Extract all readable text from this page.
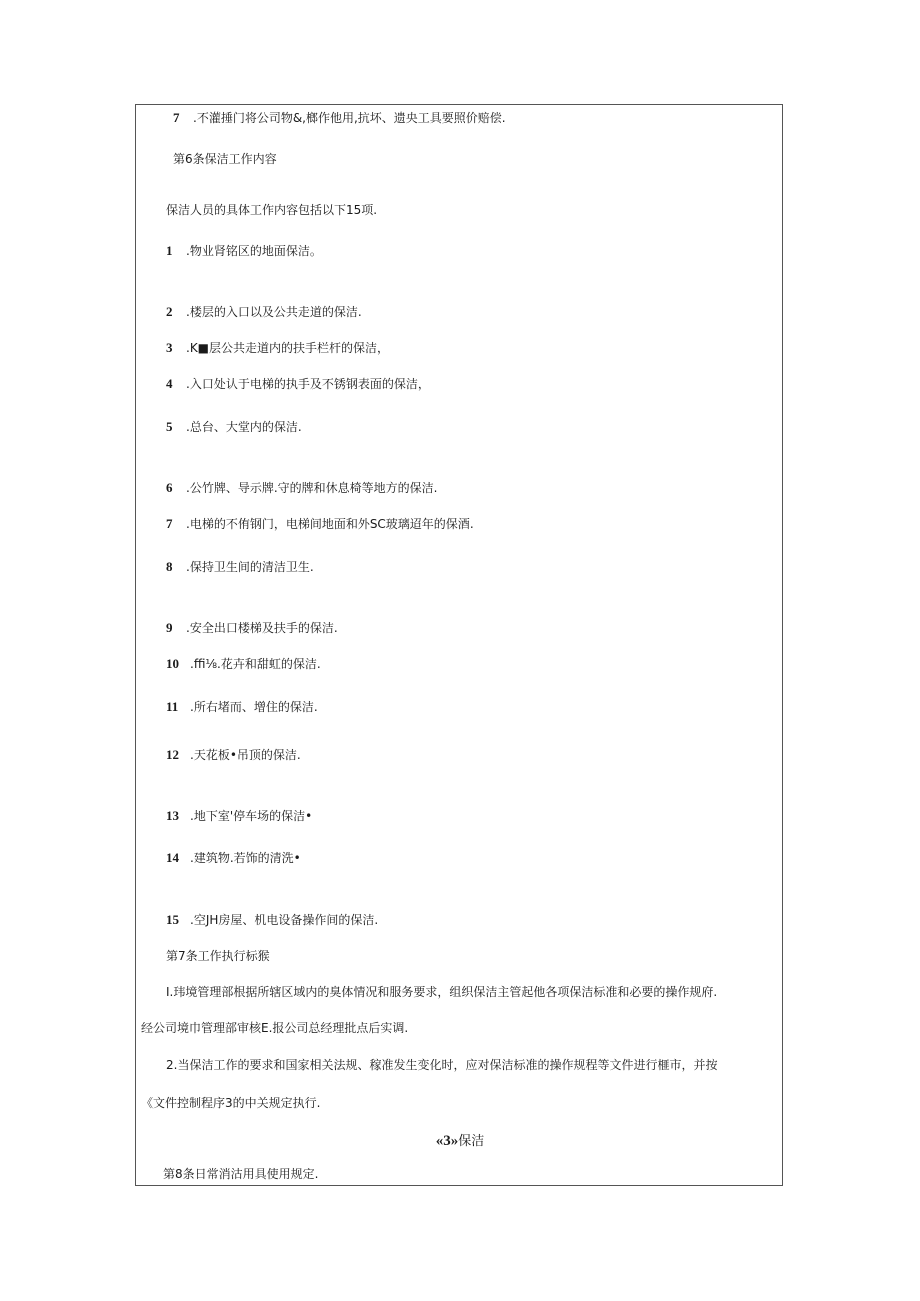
7 .不灌捶门将公司物&,榔作他用,抗坏、遗央工具要照价赔偿.
第6条保洁工作内容
保洁人员的具体工作内容包括以下15项.
1 .物业肾铭区的地面保洁。
2 .楼层的入口以及公共走道的保洁.
3 .K■层公共走道内的扶手栏杆的保洁，
4 .入口处认于电梯的执手及不锈钢表面的保洁，
5 .总台、大堂内的保洁.
6 .公竹牌、导示牌.守的牌和休息椅等地方的保洁.
7 .电梯的不侑钢门，电梯间地面和外SC玻璃迢年的保酒.
8 .保持卫生间的清洁卫生.
9 .安全出口楼梯及扶手的保洁.
10 .ffi⅛.花卉和甜虹的保洁.
11 .所右堵而、增住的保洁.
12 .天花板•吊顶的保洁.
13 .地下室'停车场的保洁•
14 .建筑物.若饰的清洗•
15 .空JH房屋、机电设备操作间的保洁.
第7条工作执行标猴
I.玮境管理部根据所辖区域内的臭体情况和服务要求，组织保洁主管起他各项保洁标准和必要的操作规府.
经公司境巾管理部审核E.报公司总经理批点后实调.
2.当保洁工作的要求和国家相关法规、稼准发生变化时，应对保洁标准的操作规程等文件进行榧市，并按
《文件控制程序3的中关规定执行.
«3»保洁
第8条日常消沽用具使用规定.
